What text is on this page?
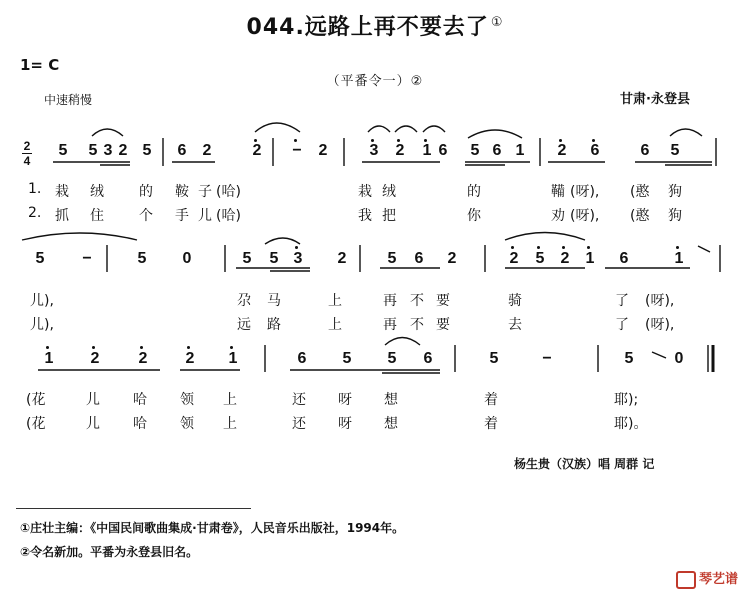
044.远路上再不要去了 ①
1= C
（平番令一）②
中速稍慢	甘肃·永登县
2
4
5 5 3 2 5 6 2	2 − 2	3 2 1 6 5 6 1 2 6	6 5
1. 栽 绒	的 鞍 子 (哈)	栽 绒	的	鞴 (呀), (憨 狗
2. 抓 住	个 手 儿 (哈)	我 把	你	劝 (呀), (憨 狗
5 −	5 0	5 5 3 2	5 6 2	2 5 2 1 6	1
儿),	尕 马	上	再 不 要	骑	了 (呀),
儿),	远 路	上	再 不 要	去	了 (呀),
1 2 2 2 1	6 5 5 6	5	−	5	0
(花	儿 哈 领 上	还 呀 想	着	耶);
(花	儿 哈 领 上	还 呀 想	着	耶)。
杨生贵（汉族）唱 周群 记
①庄壮主编：《中国民间歌曲集成·甘肃卷》，人民音乐出版社，1994年。
②令名新加。平番为永登县旧名。
琴艺谱
